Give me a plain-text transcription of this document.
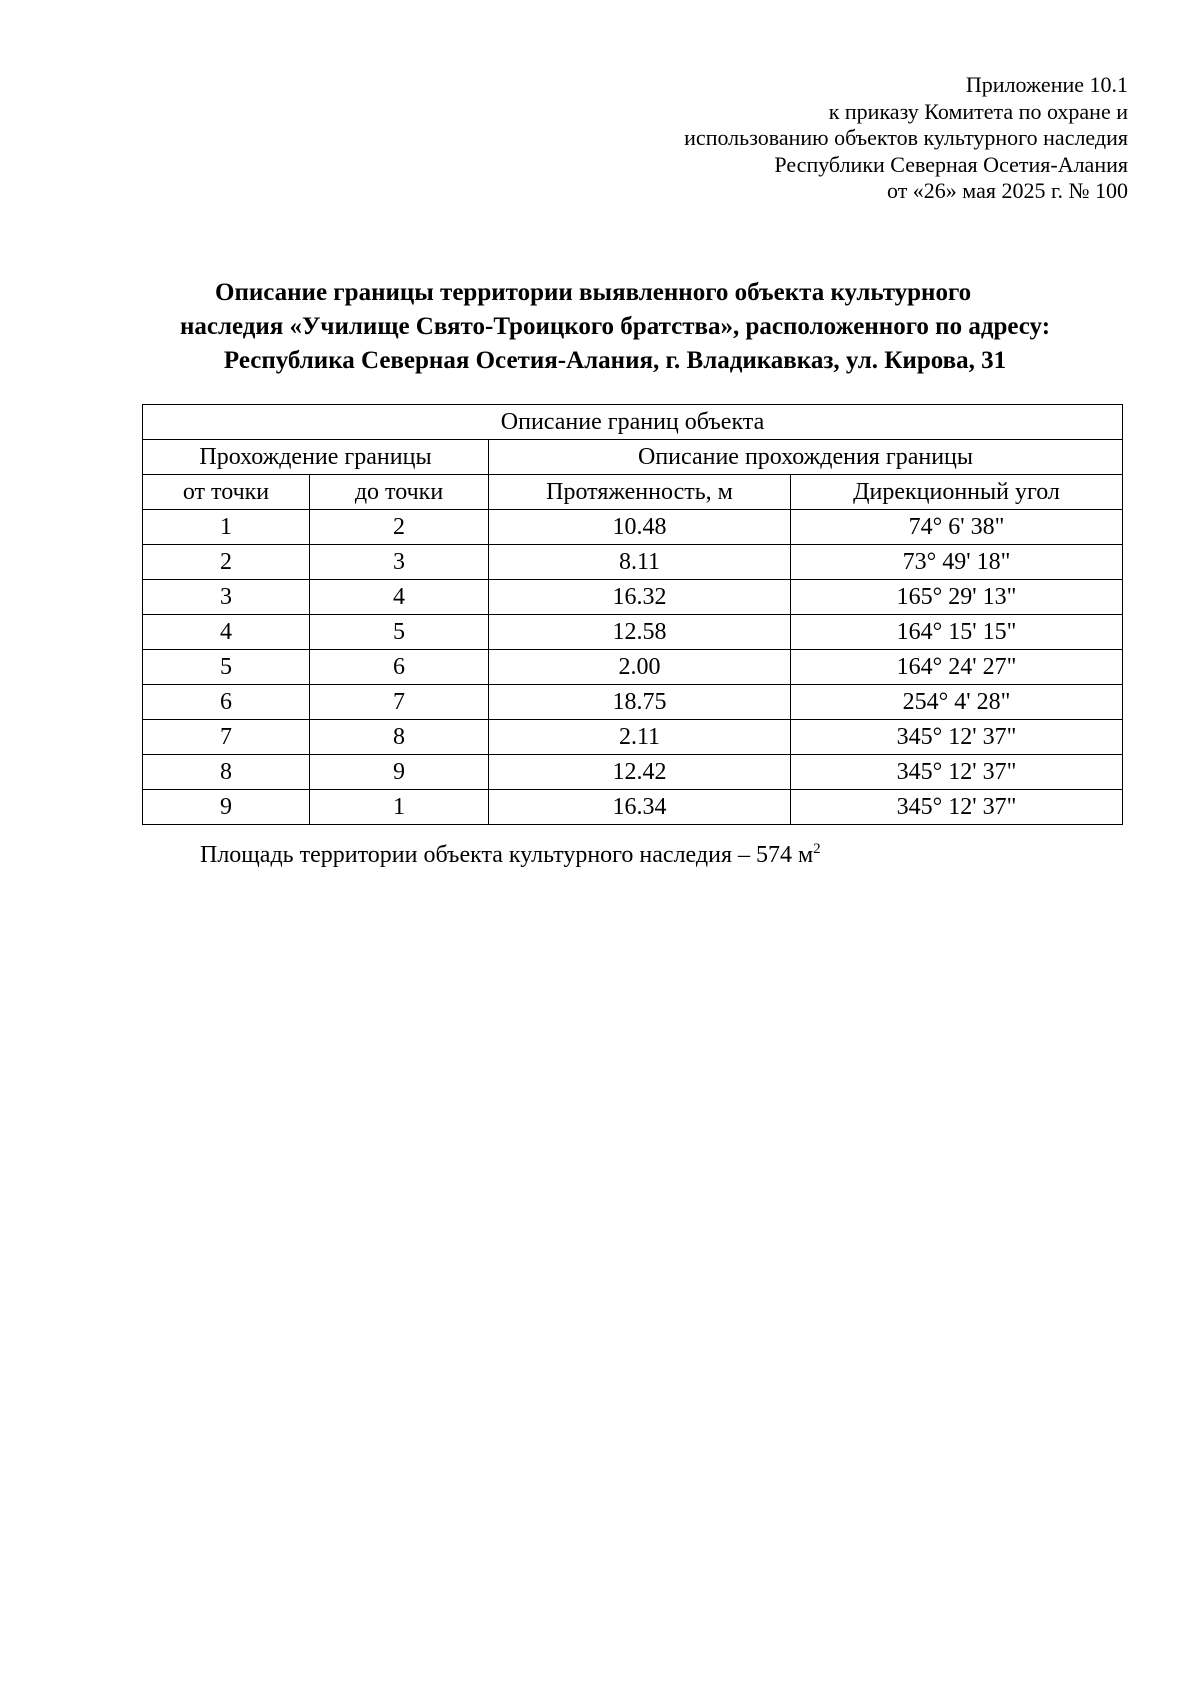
Приложение 10.1
к приказу Комитета по охране и
использованию объектов культурного наследия
Республики Северная Осетия-Алания
от «26» мая 2025 г. № 100
Описание границы территории выявленного объекта культурного
наследия «Училище Свято-Троицкого братства», расположенного по адресу:
Республика Северная Осетия-Алания, г. Владикавказ, ул. Кирова, 31
Описание границ объекта			
Прохождение границы		Описание прохождения границы	
от точки	до точки	Протяженность, м	Дирекционный угол
1	2	10.48	74° 6' 38"
2	3	8.11	73° 49' 18"
3	4	16.32	165° 29' 13"
4	5	12.58	164° 15' 15"
5	6	2.00	164° 24' 27"
6	7	18.75	254° 4' 28"
7	8	2.11	345° 12' 37"
8	9	12.42	345° 12' 37"
9	1	16.34	345° 12' 37"
Площадь территории объекта культурного наследия – 574 $м^2$
